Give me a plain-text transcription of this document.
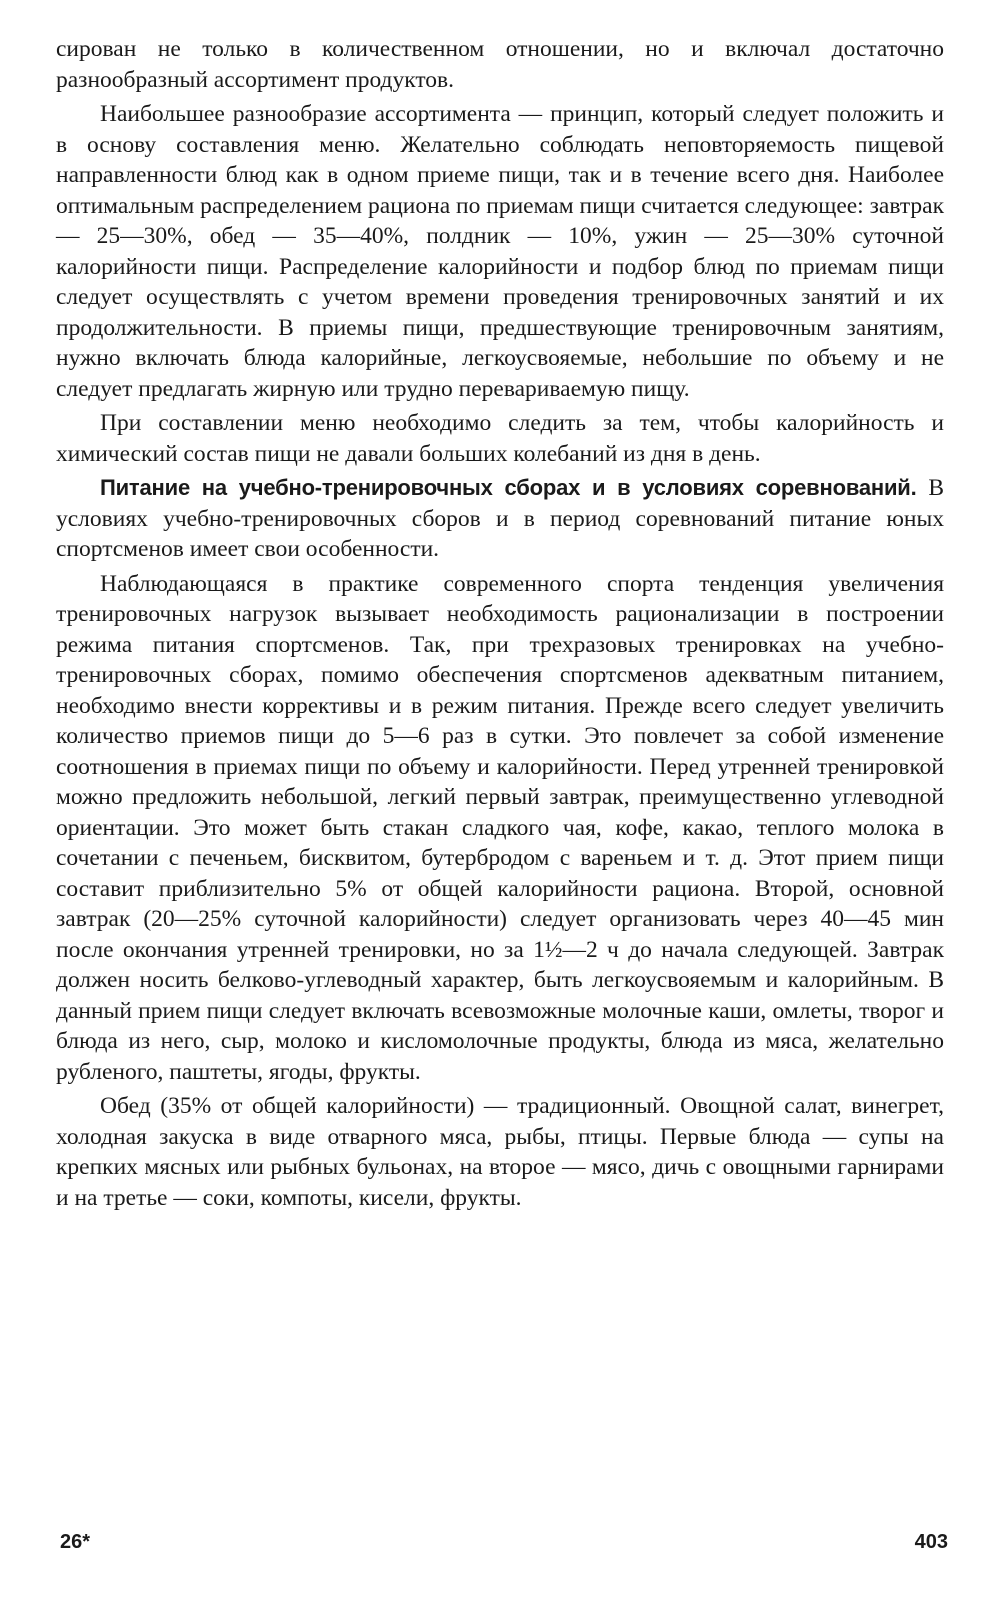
сирован не только в количественном отношении, но и включал достаточно разнообразный ассортимент продуктов.

Наибольшее разнообразие ассортимента — принцип, который следует положить и в основу составления меню. Желательно соблюдать неповторяемость пищевой направленности блюд как в одном приеме пищи, так и в течение всего дня. Наиболее оптимальным распределением рациона по приемам пищи считается следующее: завтрак — 25—30%, обед — 35—40%, полдник — 10%, ужин — 25—30% суточной калорийности пищи. Распределение калорийности и подбор блюд по приемам пищи следует осуществлять с учетом времени проведения тренировочных занятий и их продолжительности. В приемы пищи, предшествующие тренировочным занятиям, нужно включать блюда калорийные, легкоусвояемые, небольшие по объему и не следует предлагать жирную или трудно перевариваемую пищу.

При составлении меню необходимо следить за тем, чтобы калорийность и химический состав пищи не давали больших колебаний из дня в день.

Питание на учебно-тренировочных сборах и в условиях соревнований. В условиях учебно-тренировочных сборов и в период соревнований питание юных спортсменов имеет свои особенности.

Наблюдающаяся в практике современного спорта тенденция увеличения тренировочных нагрузок вызывает необходимость рационализации в построении режима питания спортсменов. Так, при трехразовых тренировках на учебно-тренировочных сборах, помимо обеспечения спортсменов адекватным питанием, необходимо внести коррективы и в режим питания. Прежде всего следует увеличить количество приемов пищи до 5—6 раз в сутки. Это повлечет за собой изменение соотношения в приемах пищи по объему и калорийности. Перед утренней тренировкой можно предложить небольшой, легкий первый завтрак, преимущественно углеводной ориентации. Это может быть стакан сладкого чая, кофе, какао, теплого молока в сочетании с печеньем, бисквитом, бутербродом с вареньем и т. д. Этот прием пищи составит приблизительно 5% от общей калорийности рациона. Второй, основной завтрак (20—25% суточной калорийности) следует организовать через 40—45 мин после окончания утренней тренировки, но за 1½—2 ч до начала следующей. Завтрак должен носить белково-углеводный характер, быть легкоусвояемым и калорийным. В данный прием пищи следует включать всевозможные молочные каши, омлеты, творог и блюда из него, сыр, молоко и кисломолочные продукты, блюда из мяса, желательно рубленого, паштеты, ягоды, фрукты.

Обед (35% от общей калорийности) — традиционный. Овощной салат, винегрет, холодная закуска в виде отварного мяса, рыбы, птицы. Первые блюда — супы на крепких мясных или рыбных бульонах, на второе — мясо, дичь с овощными гарнирами и на третье — соки, компоты, кисели, фрукты.

26*	403
